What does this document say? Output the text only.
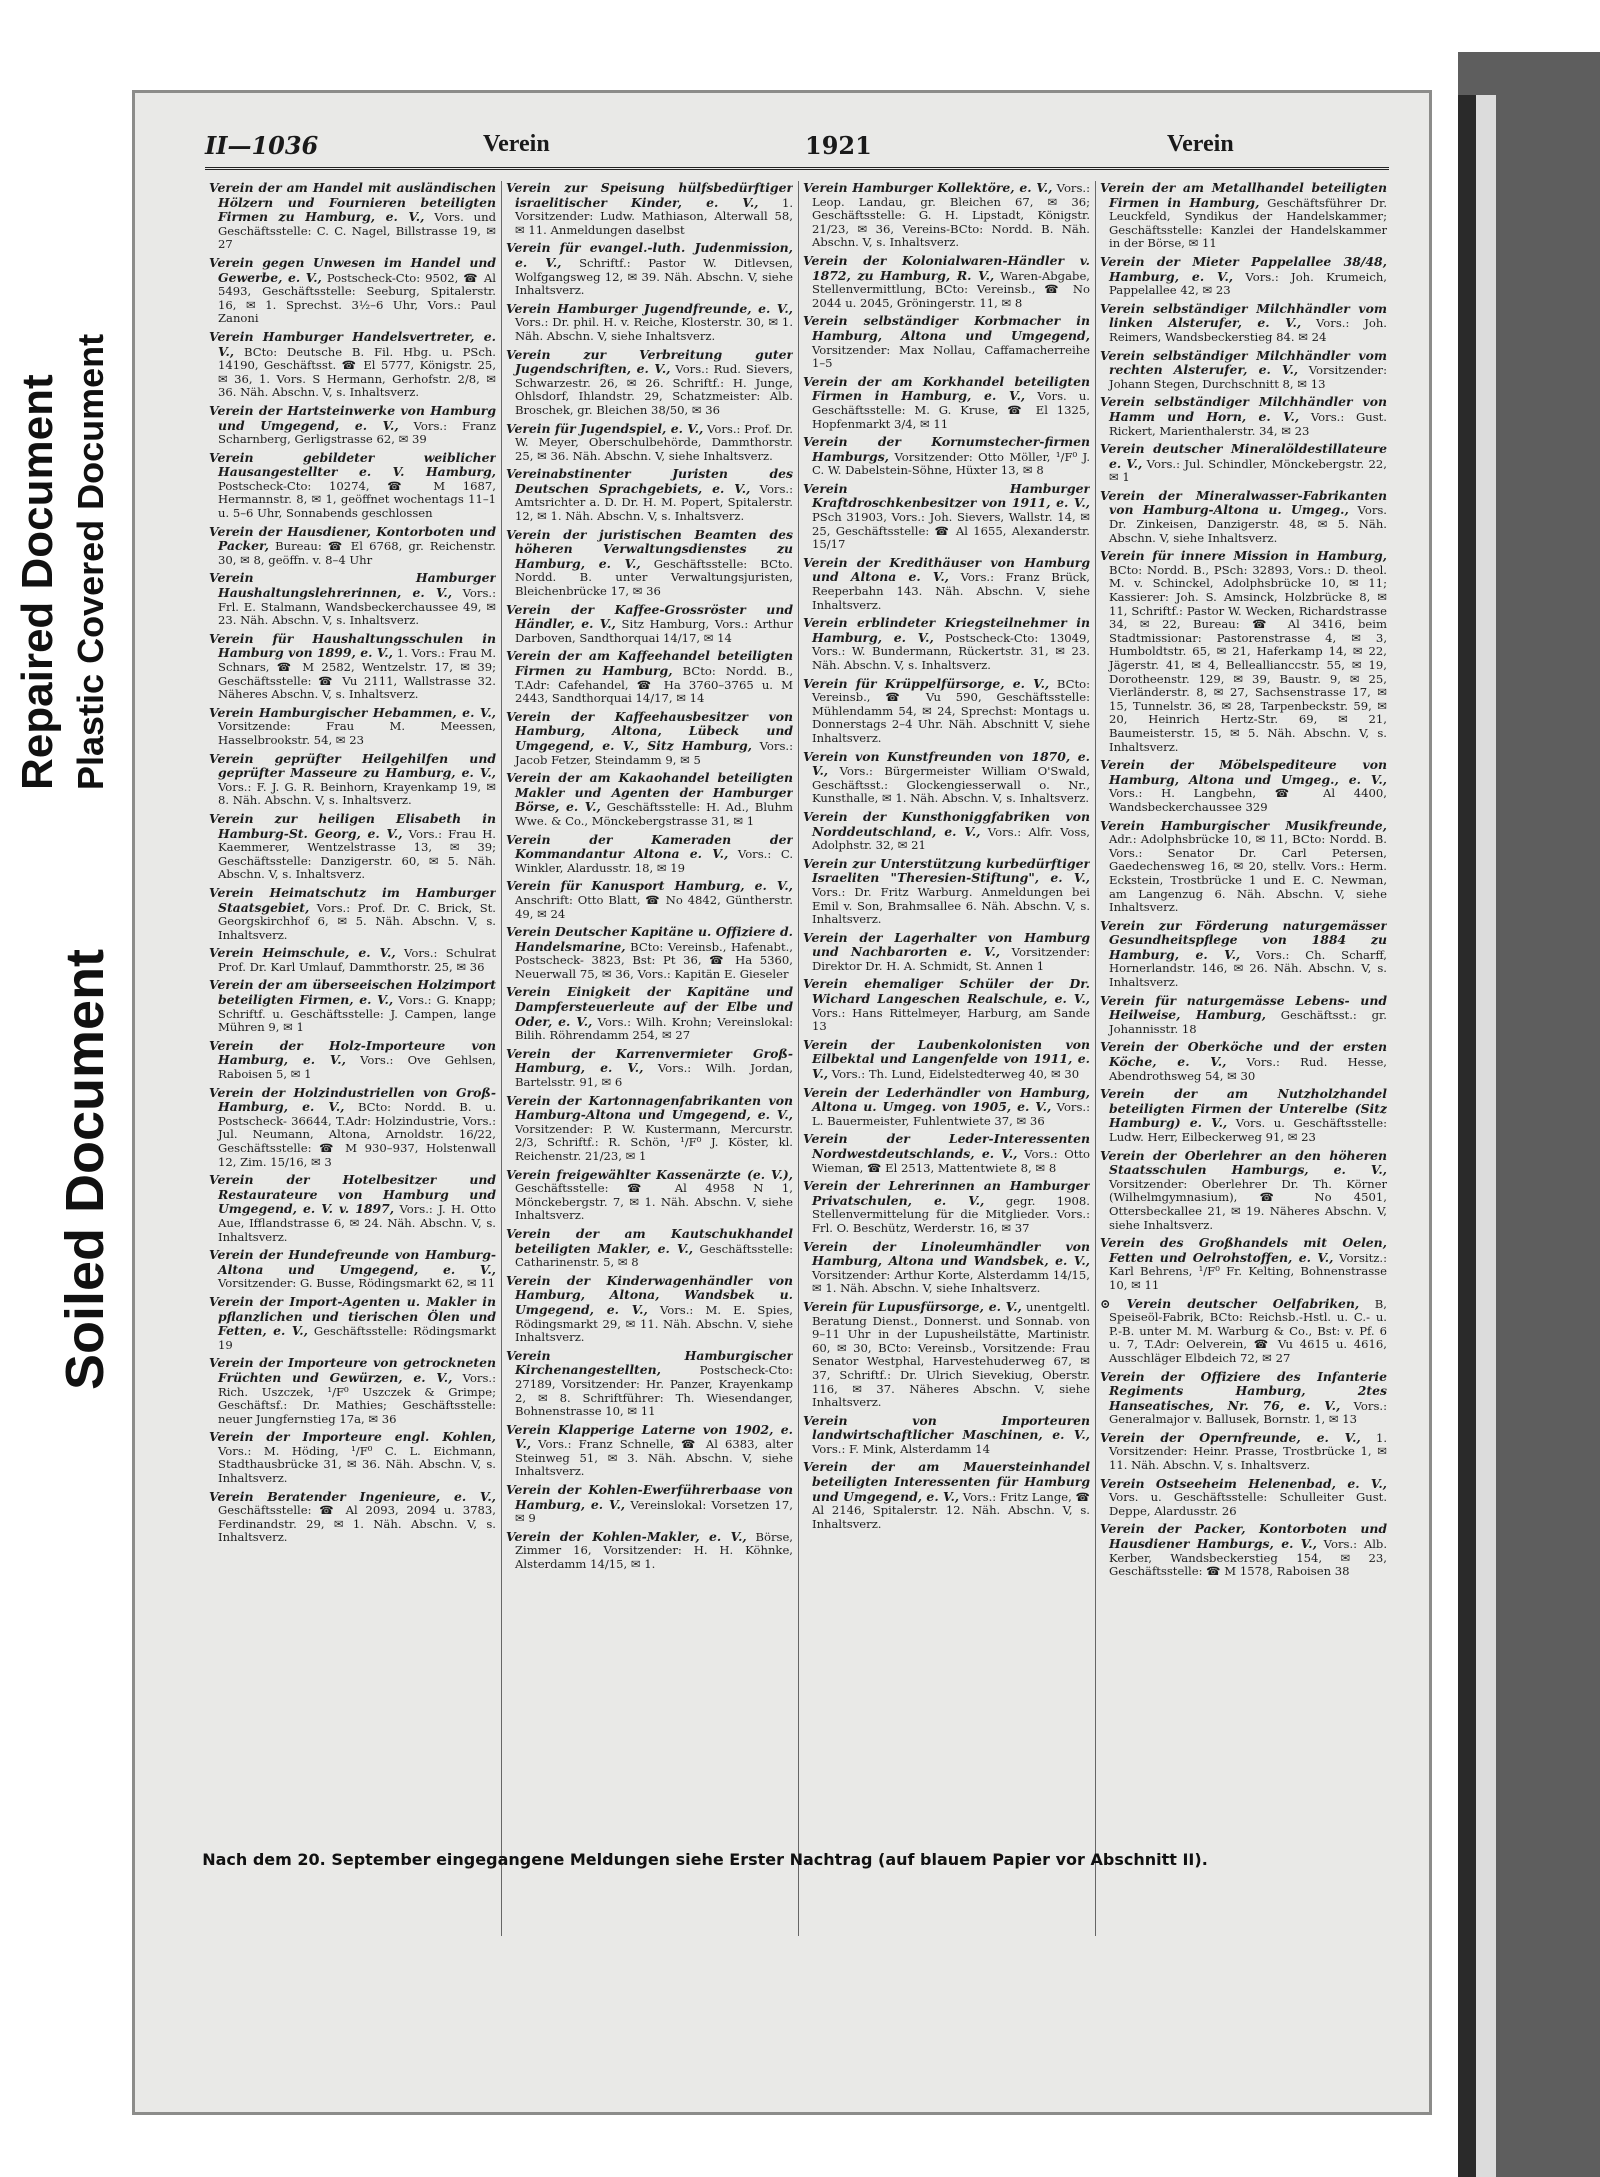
Repaired Document Plastic Covered Document
Soiled Document
II—1036	Verein	1921	Verein
Verein der am Handel mit ausländischen Hölzern und Fournieren beteiligten Firmen zu Hamburg, e. V., Vors. und Geschäftsstelle: C. C. Nagel, Billstrasse 19, ✉ 27
Verein gegen Unwesen im Handel und Gewerbe, e. V., Postscheck-Cto: 9502, ☎ Al 5493, Geschäftsstelle: Seeburg, Spitalerstr. 16, ✉ 1. Sprechst. 3½–6 Uhr, Vors.: Paul Zanoni
Verein Hamburger Handelsvertreter, e. V., BCto: Deutsche B. Fil. Hbg. u. PSch. 14190, Geschäftsst. ☎ El 5777, Königstr. 25, ✉ 36, 1. Vors. S Hermann, Gerhofstr. 2/8, ✉ 36. Näh. Abschn. V, s. Inhaltsverz.
Verein der Hartsteinwerke von Hamburg und Umgegend, e. V., Vors.: Franz Scharnberg, Gerligstrasse 62, ✉ 39
Verein gebildeter weiblicher Hausangestellter e. V. Hamburg, Postscheck-Cto: 10274, ☎ M 1687, Hermannstr. 8, ✉ 1, geöffnet wochentags 11–1 u. 5–6 Uhr, Sonnabends geschlossen
Verein der Hausdiener, Kontorboten und Packer, Bureau: ☎ El 6768, gr. Reichenstr. 30, ✉ 8, geöffn. v. 8–4 Uhr
Verein Hamburger Haushaltungslehrerinnen, e. V., Vors.: Frl. E. Stalmann, Wandsbeckerchaussee 49, ✉ 23. Näh. Abschn. V, s. Inhaltsverz.
Verein für Haushaltungsschulen in Hamburg von 1899, e. V., 1. Vors.: Frau M. Schnars, ☎ M 2582, Wentzelstr. 17, ✉ 39; Geschäftsstelle: ☎ Vu 2111, Wallstrasse 32. Näheres Abschn. V, s. Inhaltsverz.
Verein Hamburgischer Hebammen, e. V., Vorsitzende: Frau M. Meessen, Hasselbrookstr. 54, ✉ 23
Verein geprüfter Heilgehilfen und geprüfter Masseure zu Hamburg, e. V., Vors.: F. J. G. R. Beinhorn, Krayenkamp 19, ✉ 8. Näh. Abschn. V, s. Inhaltsverz.
Verein zur heiligen Elisabeth in Hamburg-St. Georg, e. V., Vors.: Frau H. Kaemmerer, Wentzelstrasse 13, ✉ 39; Geschäftsstelle: Danzigerstr. 60, ✉ 5. Näh. Abschn. V, s. Inhaltsverz.
Verein Heimatschutz im Hamburger Staatsgebiet, Vors.: Prof. Dr. C. Brick, St. Georgskirchhof 6, ✉ 5. Näh. Abschn. V, s. Inhaltsverz.
Verein Heimschule, e. V., Vors.: Schulrat Prof. Dr. Karl Umlauf, Dammthorstr. 25, ✉ 36
Verein der am überseeischen Holzimport beteiligten Firmen, e. V., Vors.: G. Knapp; Schriftf. u. Geschäftsstelle: J. Campen, lange Mühren 9, ✉ 1
Verein der Holz-Importeure von Hamburg, e. V., Vors.: Ove Gehlsen, Raboisen 5, ✉ 1
Verein der Holzindustriellen von Groß-Hamburg, e. V., BCto: Nordd. B. u. Postscheck- 36644, T.Adr: Holzindustrie, Vors.: Jul. Neumann, Altona, Arnoldstr. 16/22, Geschäftsstelle: ☎ M 930–937, Holstenwall 12, Zim. 15/16, ✉ 3
Verein der Hotelbesitzer und Restaurateure von Hamburg und Umgegend, e. V. v. 1897, Vors.: J. H. Otto Aue, Ifflandstrasse 6, ✉ 24. Näh. Abschn. V, s. Inhaltsverz.
Verein der Hundefreunde von Hamburg-Altona und Umgegend, e. V., Vorsitzender: G. Busse, Rödingsmarkt 62, ✉ 11
Verein der Import-Agenten u. Makler in pflanzlichen und tierischen Ölen und Fetten, e. V., Geschäftsstelle: Rödingsmarkt 19
Verein der Importeure von getrockneten Früchten und Gewürzen, e. V., Vors.: Rich. Uszczek, ¹/F⁰ Uszczek & Grimpe; Geschäftsf.: Dr. Mathies; Geschäftsstelle: neuer Jungfernstieg 17a, ✉ 36
Verein der Importeure engl. Kohlen, Vors.: M. Höding, ¹/F⁰ C. L. Eichmann, Stadthausbrücke 31, ✉ 36. Näh. Abschn. V, s. Inhaltsverz.
Verein Beratender Ingenieure, e. V., Geschäftsstelle: ☎ Al 2093, 2094 u. 3783, Ferdinandstr. 29, ✉ 1. Näh. Abschn. V, s. Inhaltsverz.
Verein zur Speisung hülfsbedürftiger israelitischer Kinder, e. V., 1. Vorsitzender: Ludw. Mathiason, Alterwall 58, ✉ 11. Anmeldungen daselbst
Verein für evangel.-luth. Judenmission, e. V., Schriftf.: Pastor W. Ditlevsen, Wolfgangsweg 12, ✉ 39. Näh. Abschn. V, siehe Inhaltsverz.
Verein Hamburger Jugendfreunde, e. V., Vors.: Dr. phil. H. v. Reiche, Klosterstr. 30, ✉ 1. Näh. Abschn. V, siehe Inhaltsverz.
Verein zur Verbreitung guter Jugendschriften, e. V., Vors.: Rud. Sievers, Schwarzestr. 26, ✉ 26. Schriftf.: H. Junge, Ohlsdorf, Ihlandstr. 29, Schatzmeister: Alb. Broschek, gr. Bleichen 38/50, ✉ 36
Verein für Jugendspiel, e. V., Vors.: Prof. Dr. W. Meyer, Oberschulbehörde, Dammthorstr. 25, ✉ 36. Näh. Abschn. V, siehe Inhaltsverz.
Vereinabstinenter Juristen des Deutschen Sprachgebiets, e. V., Vors.: Amtsrichter a. D. Dr. H. M. Popert, Spitalerstr. 12, ✉ 1. Näh. Abschn. V, s. Inhaltsverz.
Verein der juristischen Beamten des höheren Verwaltungsdienstes zu Hamburg, e. V., Geschäftsstelle: BCto. Nordd. B. unter Verwaltungsjuristen, Bleichenbrücke 17, ✉ 36
Verein der Kaffee-Grossröster und Händler, e. V., Sitz Hamburg, Vors.: Arthur Darboven, Sandthorquai 14/17, ✉ 14
Verein der am Kaffeehandel beteiligten Firmen zu Hamburg, BCto: Nordd. B., T.Adr: Cafehandel, ☎ Ha 3760–3765 u. M 2443, Sandthorquai 14/17, ✉ 14
Verein der Kaffeehausbesitzer von Hamburg, Altona, Lübeck und Umgegend, e. V., Sitz Hamburg, Vors.: Jacob Fetzer, Steindamm 9, ✉ 5
Verein der am Kakaohandel beteiligten Makler und Agenten der Hamburger Börse, e. V., Geschäftsstelle: H. Ad., Bluhm Wwe. & Co., Mönckebergstrasse 31, ✉ 1
Verein der Kameraden der Kommandantur Altona e. V., Vors.: C. Winkler, Alardusstr. 18, ✉ 19
Verein für Kanusport Hamburg, e. V., Anschrift: Otto Blatt, ☎ No 4842, Güntherstr. 49, ✉ 24
Verein Deutscher Kapitäne u. Offiziere d. Handelsmarine, BCto: Vereinsb., Hafenabt., Postscheck- 3823, Bst: Pt 36, ☎ Ha 5360, Neuerwall 75, ✉ 36, Vors.: Kapitän E. Gieseler
Verein Einigkeit der Kapitäne und Dampfersteuerleute auf der Elbe und Oder, e. V., Vors.: Wilh. Krohn; Vereinslokal: Bilih. Röhrendamm 254, ✉ 27
Verein der Karrenvermieter Groß-Hamburg, e. V., Vors.: Wilh. Jordan, Bartelsstr. 91, ✉ 6
Verein der Kartonnagenfabrikanten von Hamburg-Altona und Umgegend, e. V., Vorsitzender: P. W. Kustermann, Mercurstr. 2/3, Schriftf.: R. Schön, ¹/F⁰ J. Köster, kl. Reichenstr. 21/23, ✉ 1
Verein freigewählter Kassenärzte (e. V.), Geschäftsstelle: ☎ Al 4958 N 1, Mönckebergstr. 7, ✉ 1. Näh. Abschn. V, siehe Inhaltsverz.
Verein der am Kautschukhandel beteiligten Makler, e. V., Geschäftsstelle: Catharinenstr. 5, ✉ 8
Verein der Kinderwagenhändler von Hamburg, Altona, Wandsbek u. Umgegend, e. V., Vors.: M. E. Spies, Rödingsmarkt 29, ✉ 11. Näh. Abschn. V, siehe Inhaltsverz.
Verein Hamburgischer Kirchenangestellten,	Postscheck-Cto: 27189, Vorsitzender: Hr. Panzer, Krayenkamp 2, ✉ 8. Schriftführer: Th. Wiesendanger, Bohnenstrasse 10, ✉ 11
Verein Klapperige Laterne von 1902, e. V., Vors.: Franz Schnelle, ☎ Al 6383, alter Steinweg 51, ✉ 3. Näh. Abschn. V, siehe Inhaltsverz.
Verein der Kohlen-Ewerführerbaase von Hamburg, e. V., Vereinslokal: Vorsetzen 17, ✉ 9
Verein der Kohlen-Makler, e. V., Börse, Zimmer 16, Vorsitzender: H. H. Köhnke, Alsterdamm 14/15, ✉ 1.
Verein Hamburger Kollektöre, e. V., Vors.: Leop. Landau, gr. Bleichen 67, ✉ 36; Geschäftsstelle: G. H. Lipstadt, Königstr. 21/23, ✉ 36, Vereins-BCto: Nordd. B. Näh. Abschn. V, s. Inhaltsverz.
Verein der Kolonialwaren-Händler v. 1872, zu Hamburg, R. V., Waren-Abgabe, Stellenvermittlung, BCto: Vereinsb., ☎ No 2044 u. 2045, Gröningerstr. 11, ✉ 8
Verein selbständiger Korbmacher in Hamburg, Altona und Umgegend, Vorsitzender: Max Nollau, Caffamacherreihe 1–5
Verein der am Korkhandel beteiligten Firmen in Hamburg, e. V., Vors. u. Geschäftsstelle: M. G. Kruse, ☎ El 1325, Hopfenmarkt 3/4, ✉ 11
Verein der Kornumstecher-firmen Hamburgs, Vorsitzender: Otto Möller, ¹/F⁰ J. C. W. Dabelstein-Söhne, Hüxter 13, ✉ 8
Verein Hamburger Kraftdroschkenbesitzer von 1911, e. V., PSch 31903, Vors.: Joh. Sievers, Wallstr. 14, ✉ 25, Geschäftsstelle: ☎ Al 1655, Alexanderstr. 15/17
Verein der Kredithäuser von Hamburg und Altona e. V., Vors.: Franz Brück, Reeperbahn 143. Näh. Abschn. V, siehe Inhaltsverz.
Verein erblindeter Kriegsteilnehmer in Hamburg, e. V., Postscheck-Cto: 13049, Vors.: W. Bundermann, Rückertstr. 31, ✉ 23. Näh. Abschn. V, s. Inhaltsverz.
Verein für Krüppelfürsorge, e. V., BCto: Vereinsb., ☎ Vu 590, Geschäftsstelle: Mühlendamm 54, ✉ 24, Sprechst: Montags u. Donnerstags 2–4 Uhr. Näh. Abschnitt V, siehe Inhaltsverz.
Verein von Kunstfreunden von 1870, e. V., Vors.: Bürgermeister William O'Swald, Geschäftsst.: Glockengiesserwall o. Nr., Kunsthalle, ✉ 1. Näh. Abschn. V, s. Inhaltsverz.
Verein der Kunsthoniggfabriken von Norddeutschland, e. V., Vors.: Alfr. Voss, Adolphstr. 32, ✉ 21
Verein zur Unterstützung kurbedürftiger Israeliten "Theresien-Stiftung", e. V., Vors.: Dr. Fritz Warburg. Anmeldungen bei Emil v. Son, Brahmsallee 6. Näh. Abschn. V, s. Inhaltsverz.
Verein der Lagerhalter von Hamburg und Nachbarorten e. V., Vorsitzender: Direktor Dr. H. A. Schmidt, St. Annen 1
Verein ehemaliger Schüler der Dr. Wichard Langeschen Realschule, e. V., Vors.: Hans Rittelmeyer, Harburg, am Sande 13
Verein der Laubenkolonisten von Eilbektal und Langenfelde von 1911, e. V., Vors.: Th. Lund, Eidelstedterweg 40, ✉ 30
Verein der Lederhändler von Hamburg, Altona u. Umgeg. von 1905, e. V., Vors.: L. Bauermeister, Fuhlentwiete 37, ✉ 36
Verein der Leder-Interessenten Nordwestdeutschlands, e. V., Vors.: Otto Wieman, ☎ El 2513, Mattentwiete 8, ✉ 8
Verein der Lehrerinnen an Hamburger Privatschulen, e. V., gegr. 1908. Stellenvermittelung für die Mitglieder. Vors.: Frl. O. Beschütz, Werderstr. 16, ✉ 37
Verein der Linoleumhändler von Hamburg, Altona und Wandsbek, e. V., Vorsitzender: Arthur Korte, Alsterdamm 14/15, ✉ 1. Näh. Abschn. V, siehe Inhaltsverz.
Verein für Lupusfürsorge, e. V., unentgeltl. Beratung Dienst., Donnerst. und Sonnab. von 9–11 Uhr in der Lupusheilstätte, Martinistr. 60, ✉ 30, BCto: Vereinsb., Vorsitzende: Frau Senator Westphal, Harvestehuderweg 67, ✉ 37, Schriftf.: Dr. Ulrich Sievekiug, Oberstr. 116, ✉ 37. Näheres Abschn. V, siehe Inhaltsverz.
Verein von Importeuren landwirtschaftlicher Maschinen, e. V., Vors.: F. Mink, Alsterdamm 14
Verein der am Mauersteinhandel beteiligten Interessenten für Hamburg und Umgegend, e. V., Vors.: Fritz Lange, ☎ Al 2146, Spitalerstr. 12. Näh. Abschn. V, s. Inhaltsverz.
Verein der am Metallhandel beteiligten Firmen in Hamburg, Geschäftsführer Dr. Leuckfeld, Syndikus der Handelskammer; Geschäftsstelle: Kanzlei der Handelskammer in der Börse, ✉ 11
Verein der Mieter Pappelallee 38/48, Hamburg, e. V., Vors.: Joh. Krumeich, Pappelallee 42, ✉ 23
Verein selbständiger Milchhändler vom linken Alsterufer, e. V., Vors.: Joh. Reimers, Wandsbeckerstieg 84. ✉ 24
Verein selbständiger Milchhändler vom rechten Alsterufer, e. V., Vorsitzender: Johann Stegen, Durchschnitt 8, ✉ 13
Verein selbständiger Milchhändler von Hamm und Horn, e. V., Vors.: Gust. Rickert, Marienthalerstr. 34, ✉ 23
Verein deutscher Mineralöldestillateure e. V., Vors.: Jul. Schindler, Mönckebergstr. 22, ✉ 1
Verein der Mineralwasser-Fabrikanten von Hamburg-Altona u. Umgeg., Vors. Dr. Zinkeisen, Danzigerstr. 48, ✉ 5. Näh. Abschn. V, siehe Inhaltsverz.
Verein für innere Mission in Hamburg, BCto: Nordd. B., PSch: 32893, Vors.: D. theol. M. v. Schinckel, Adolphsbrücke 10, ✉ 11; Kassierer: Joh. S. Amsinck, Holzbrücke 8, ✉ 11, Schriftf.: Pastor W. Wecken, Richardstrasse 34, ✉ 22, Bureau: ☎ Al 3416, beim Stadtmissionar: Pastorenstrasse 4, ✉ 3, Humboldtstr. 65, ✉ 21, Haferkamp 14, ✉ 22, Jägerstr. 41, ✉ 4, Belleallianccstr. 55, ✉ 19, Dorotheenstr. 129, ✉ 39, Baustr. 9, ✉ 25, Vierländerstr. 8, ✉ 27, Sachsenstrasse 17, ✉ 15, Tunnelstr. 36, ✉ 28, Tarpenbeckstr. 59, ✉ 20, Heinrich Hertz-Str. 69, ✉ 21, Baumeisterstr. 15, ✉ 5. Näh. Abschn. V, s. Inhaltsverz.
Verein der Möbelspediteure von Hamburg, Altona und Umgeg., e. V., Vors.: H. Langbehn, ☎ Al 4400, Wandsbeckerchaussee 329
Verein Hamburgischer Musikfreunde, Adr.: Adolphsbrücke 10, ✉ 11, BCto: Nordd. B. Vors.: Senator Dr. Carl Petersen, Gaedechensweg 16, ✉ 20, stellv. Vors.: Herm. Eckstein, Trostbrücke 1 und E. C. Newman, am Langenzug 6. Näh. Abschn. V, siehe Inhaltsverz.
Verein zur Förderung naturgemässer Gesundheitspflege von 1884 zu Hamburg, e. V., Vors.: Ch. Scharff, Hornerlandstr. 146, ✉ 26. Näh. Abschn. V, s. Inhaltsverz.
Verein für naturgemässe Lebens- und Heilweise, Hamburg, Geschäftsst.: gr. Johannisstr. 18
Verein der Oberköche und der ersten Köche, e. V., Vors.: Rud. Hesse, Abendrothsweg 54, ✉ 30
Verein der am Nutzholzhandel beteiligten Firmen der Unterelbe (Sitz Hamburg) e. V., Vors. u. Geschäftsstelle: Ludw. Herr, Eilbeckerweg 91, ✉ 23
Verein der Oberlehrer an den höheren Staatsschulen Hamburgs, e. V., Vorsitzender: Oberlehrer Dr. Th. Körner (Wilhelmgymnasium), ☎ No 4501, Ottersbeckallee 21, ✉ 19. Näheres Abschn. V, siehe Inhaltsverz.
Verein des Großhandels mit Oelen, Fetten und Oelrohstoffen, e. V., Vorsitz.: Karl Behrens, ¹/F⁰ Fr. Kelting, Bohnenstrasse 10, ✉ 11
⊙ Verein deutscher Oelfabriken, B, Speiseöl-Fabrik, BCto: Reichsb.-Hstl. u. C.- u. P.-B. unter M. M. Warburg & Co., Bst: v. Pf. 6 u. 7, T.Adr: Oelverein, ☎ Vu 4615 u. 4616, Ausschläger Elbdeich 72, ✉ 27
Verein der Offiziere des Infanterie Regiments Hamburg, 2tes Hanseatisches, Nr. 76, e. V., Vors.: Generalmajor v. Ballusek, Bornstr. 1, ✉ 13
Verein der Opernfreunde, e. V., 1. Vorsitzender: Heinr. Prasse, Trostbrücke 1, ✉ 11. Näh. Abschn. V, s. Inhaltsverz.
Verein Ostseeheim Helenenbad, e. V., Vors. u. Geschäftsstelle: Schulleiter Gust. Deppe, Alardusstr. 26
Verein der Packer, Kontorboten und Hausdiener Hamburgs, e. V., Vors.: Alb. Kerber, Wandsbeckerstieg 154, ✉ 23, Geschäftsstelle: ☎ M 1578, Raboisen 38
Nach dem 20. September eingegangene Meldungen siehe Erster Nachtrag (auf blauem Papier vor Abschnitt II).
